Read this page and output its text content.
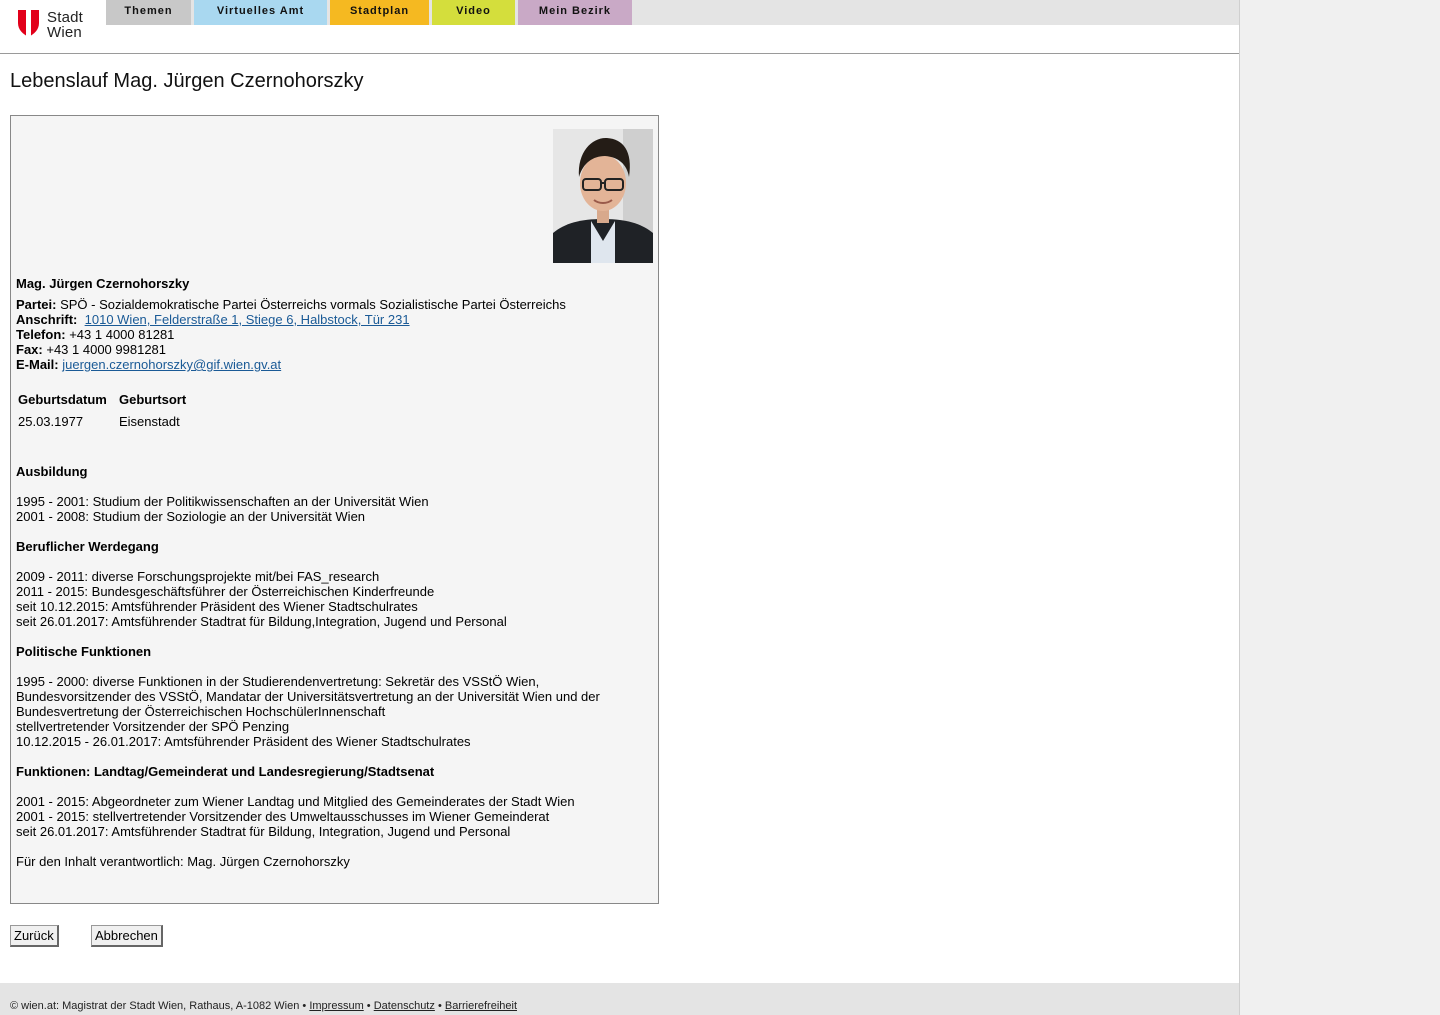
Stadt
Wien
Themen	Virtuelles Amt	Stadtplan	Video	Mein Bezirk
Lebenslauf Mag. Jürgen Czernohorszky
Mag. Jürgen Czernohorszky
Partei: SPÖ - Sozialdemokratische Partei Österreichs vormals Sozialistische Partei Österreichs
Anschrift: 1010 Wien, Felderstraße 1, Stiege 6, Halbstock, Tür 231
Telefon: +43 1 4000 81281
Fax: +43 1 4000 9981281
E-Mail: juergen.czernohorszky@gif.wien.gv.at
Geburtsdatum Geburtsort
25.03.1977	Eisenstadt
Ausbildung
1995 - 2001: Studium der Politikwissenschaften an der Universität Wien
2001 - 2008: Studium der Soziologie an der Universität Wien
Beruflicher Werdegang
2009 - 2011: diverse Forschungsprojekte mit/bei FAS_research
2011 - 2015: Bundesgeschäftsführer der Österreichischen Kinderfreunde
seit 10.12.2015: Amtsführender Präsident des Wiener Stadtschulrates
seit 26.01.2017: Amtsführender Stadtrat für Bildung,Integration, Jugend und Personal
Politische Funktionen
1995 - 2000: diverse Funktionen in der Studierendenvertretung: Sekretär des VSStÖ Wien,
Bundesvorsitzender des VSStÖ, Mandatar der Universitätsvertretung an der Universität Wien und der
Bundesvertretung der Österreichischen HochschülerInnenschaft
stellvertretender Vorsitzender der SPÖ Penzing
10.12.2015 - 26.01.2017: Amtsführender Präsident des Wiener Stadtschulrates
Funktionen: Landtag/Gemeinderat und Landesregierung/Stadtsenat
2001 - 2015: Abgeordneter zum Wiener Landtag und Mitglied des Gemeinderates der Stadt Wien
2001 - 2015: stellvertretender Vorsitzender des Umweltausschusses im Wiener Gemeinderat
seit 26.01.2017: Amtsführender Stadtrat für Bildung, Integration, Jugend und Personal
Für den Inhalt verantwortlich: Mag. Jürgen Czernohorszky
Zurück	Abbrechen
© wien.at: Magistrat der Stadt Wien, Rathaus, A-1082 Wien • Impressum • Datenschutz • Barrierefreiheit
